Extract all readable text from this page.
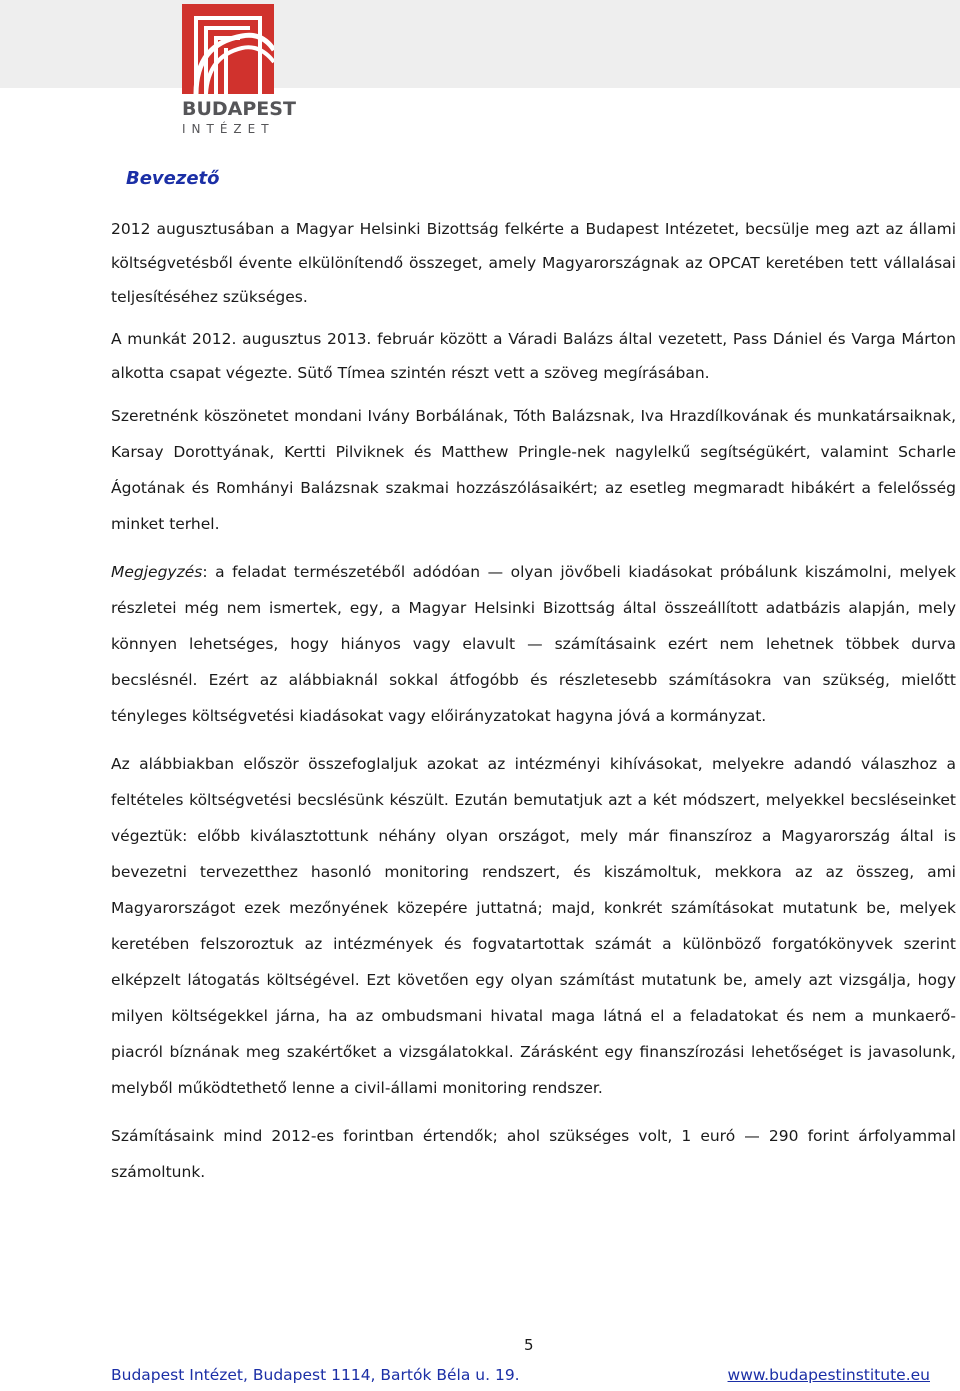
BUDAPEST
INTÉZET
Bevezető

2012 augusztusában a Magyar Helsinki Bizottság felkérte a Budapest Intézetet, becsülje meg azt az állami költségvetésből évente elkülönítendő összeget, amely Magyarországnak az OPCAT keretében tett vállalásai teljesítéséhez szükséges.

A munkát 2012. augusztus 2013. február között a Váradi Balázs által vezetett, Pass Dániel és Varga Márton alkotta csapat végezte. Sütő Tímea szintén részt vett a szöveg megírásában.

Szeretnénk köszönetet mondani Ivány Borbálának, Tóth Balázsnak, Iva Hrazdílkovának és munkatársaiknak, Karsay Dorottyának, Kertti Pilviknek és Matthew Pringle-nek nagylelkű segítségükért, valamint Scharle Ágotának és Romhányi Balázsnak szakmai hozzászólásaikért; az esetleg megmaradt hibákért a felelősség minket terhel.

Megjegyzés: a feladat természetéből adódóan — olyan jövőbeli kiadásokat próbálunk kiszámolni, melyek részletei még nem ismertek, egy, a Magyar Helsinki Bizottság által összeállított adatbázis alapján, mely könnyen lehetséges, hogy hiányos vagy elavult — számításaink ezért nem lehetnek többek durva becslésnél. Ezért az alábbiaknál sokkal átfogóbb és részletesebb számításokra van szükség, mielőtt tényleges költségvetési kiadásokat vagy előirányzatokat hagyna jóvá a kormányzat.

Az alábbiakban először összefoglaljuk azokat az intézményi kihívásokat, melyekre adandó válaszhoz a feltételes költségvetési becslésünk készült. Ezután bemutatjuk azt a két módszert, melyekkel becsléseinket végeztük: előbb kiválasztottunk néhány olyan országot, mely már finanszíroz a Magyarország által is bevezetni tervezetthez hasonló monitoring rendszert, és kiszámoltuk, mekkora az az összeg, ami Magyarországot ezek mezőnyének közepére juttatná; majd, konkrét számításokat mutatunk be, melyek keretében felszoroztuk az intézmények és fogvatartottak számát a különböző forgatókönyvek szerint elképzelt látogatás költségével. Ezt követően egy olyan számítást mutatunk be, amely azt vizsgálja, hogy milyen költségekkel járna, ha az ombudsmani hivatal maga látná el a feladatokat és nem a munkaerő-piacról bíznának meg szakértőket a vizsgálatokkal. Zárásként egy finanszírozási lehetőséget is javasolunk, melyből működtethető lenne a civil-állami monitoring rendszer.

Számításaink mind 2012-es forintban értendők; ahol szükséges volt, 1 euró — 290 forint árfolyammal számoltunk.

5
Budapest Intézet, Budapest 1114, Bartók Béla u. 19.	www.budapestinstitute.eu
